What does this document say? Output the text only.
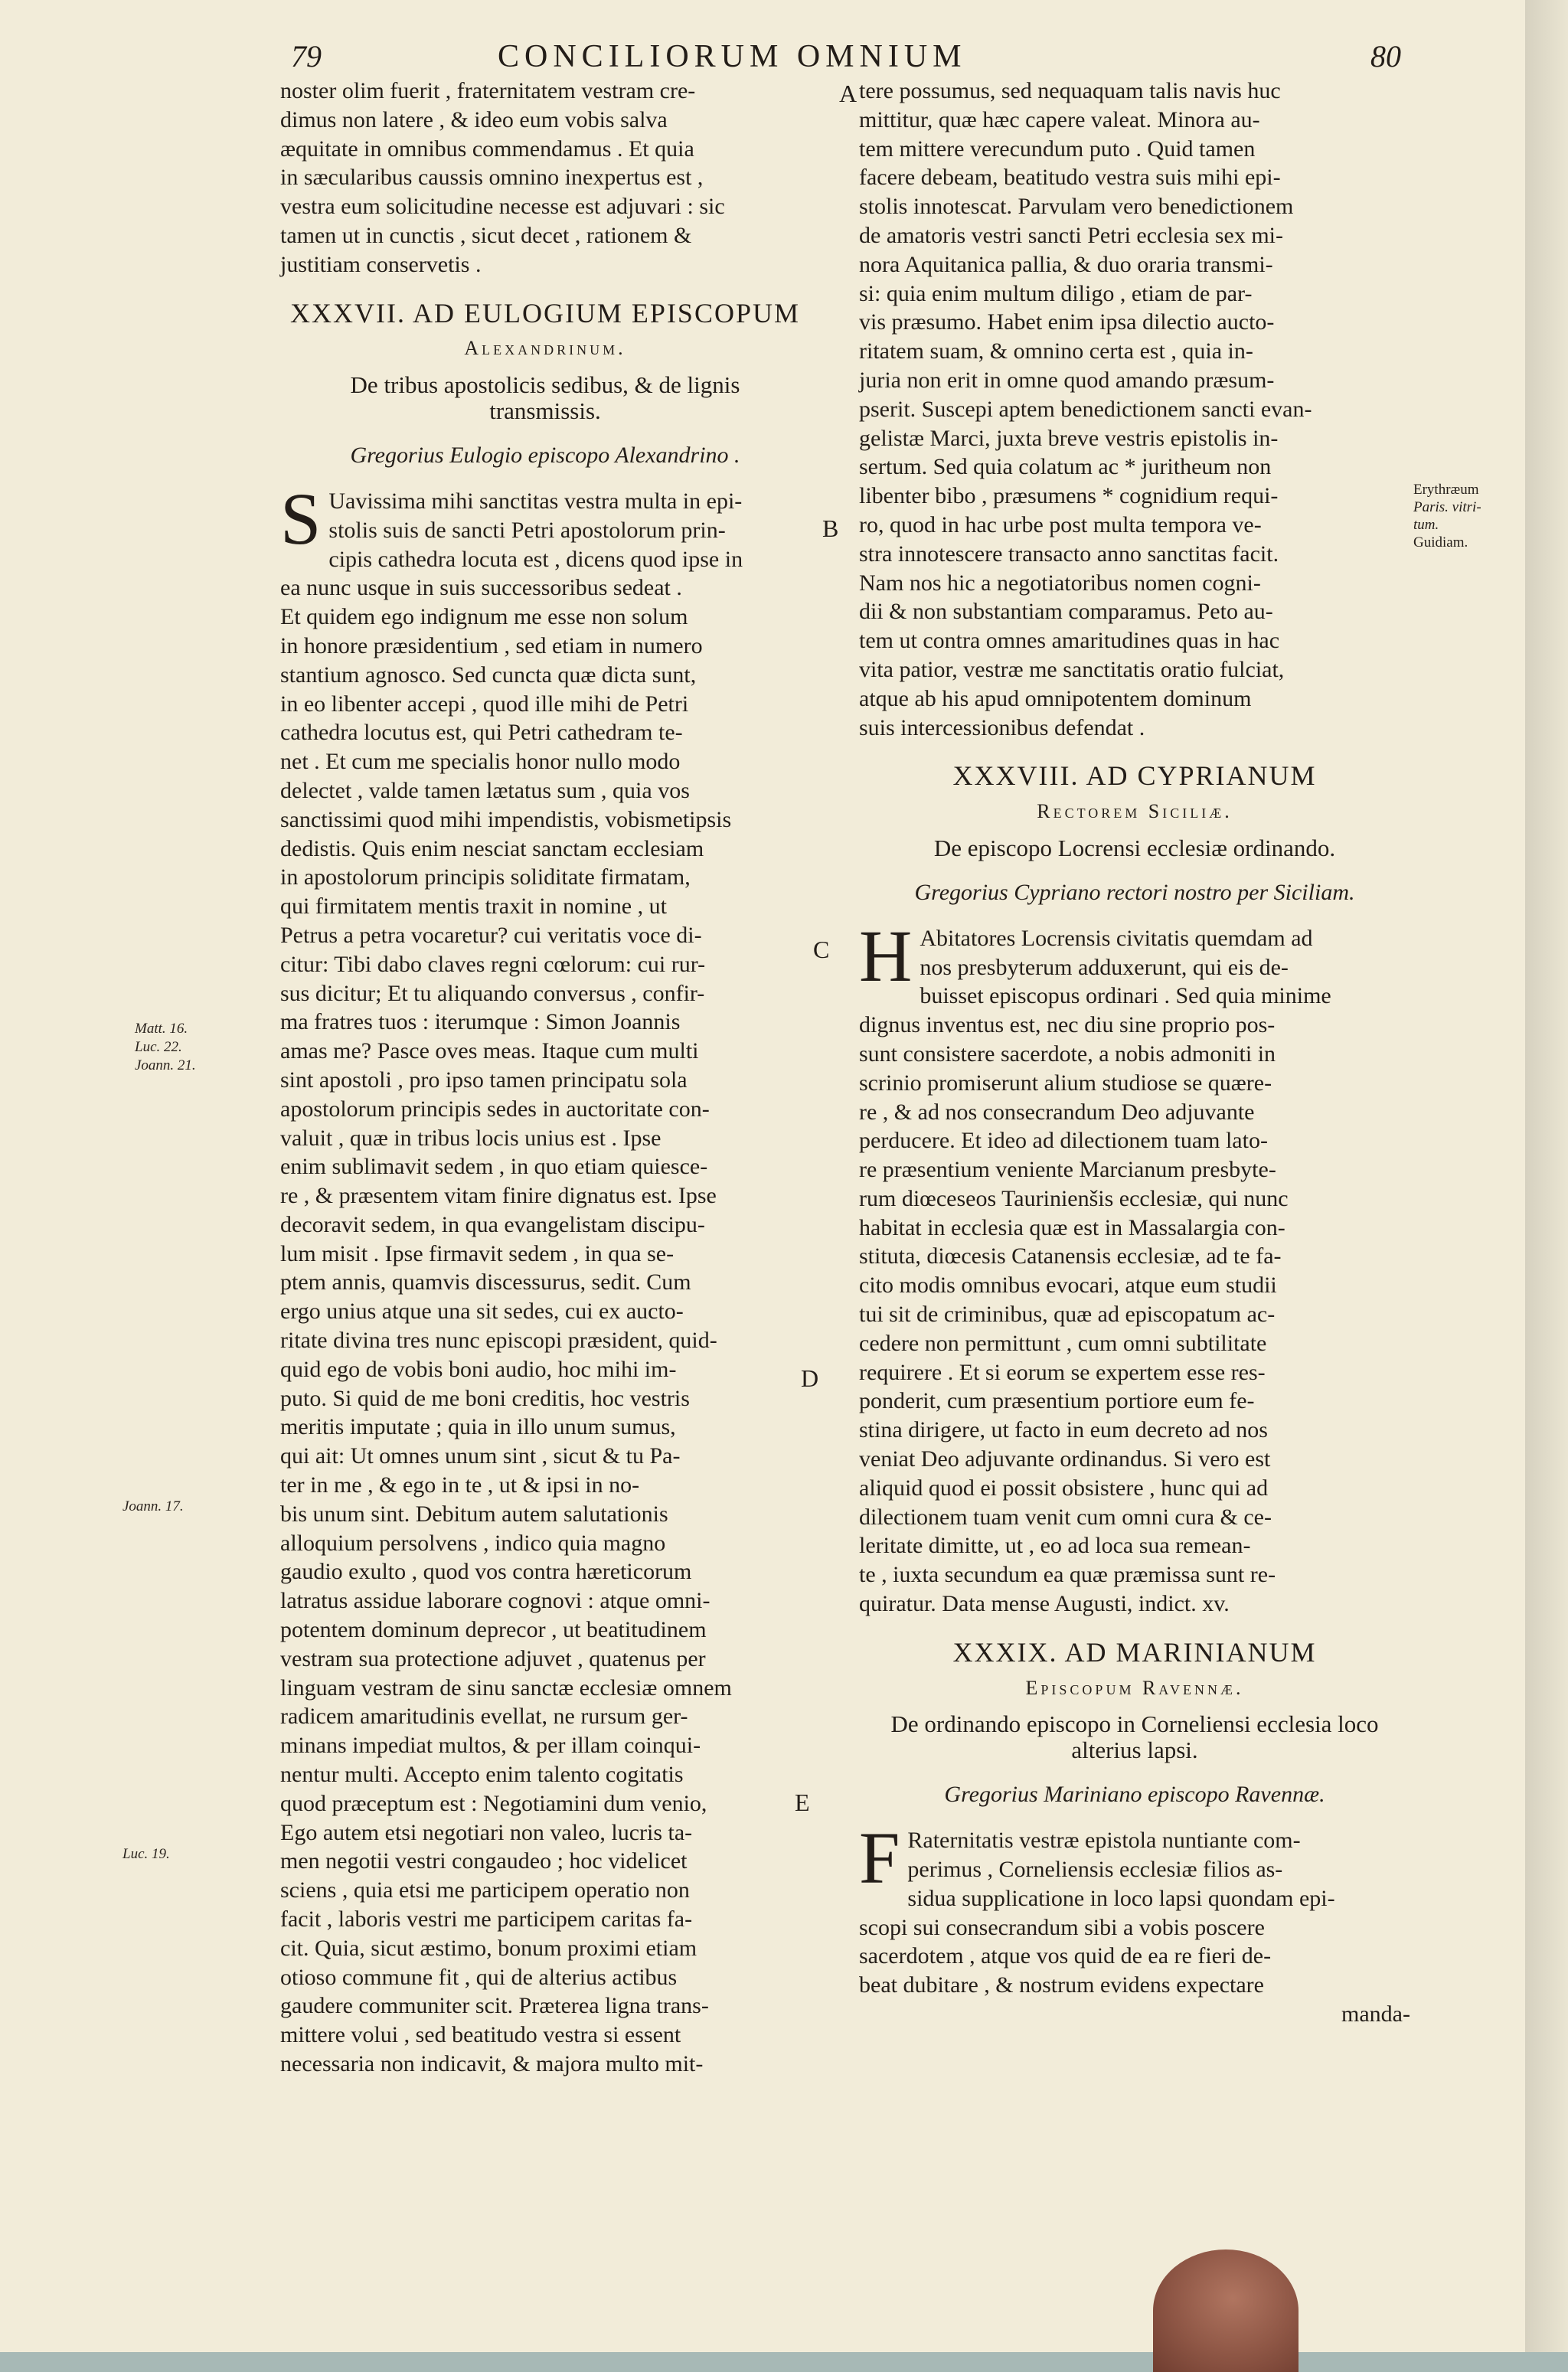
79	CONCILIORUM OMNIUM	80

noster olim fuerit , fraternitatem vestram cre-

dimus non latere , & ideo eum vobis salva

æquitate in omnibus commendamus . Et quia

in sæcularibus caussis omnino inexpertus est ,

vestra eum solicitudine necesse est adjuvari : sic

tamen ut in cunctis , sicut decet , rationem &

justitiam conservetis .

XXXVII. AD EULOGIUM EPISCOPUM
Alexandrinum.
De tribus apostolicis sedibus, & de lignis transmissis.
Gregorius Eulogio episcopo Alexandrino .
S Uavissima mihi sanctitas vestra multa in epi-

stolis suis de sancti Petri apostolorum prin-

cipis cathedra locuta est , dicens quod ipse in

ea nunc usque in suis successoribus sedeat .

Et quidem ego indignum me esse non solum

in honore præsidentium , sed etiam in numero

stantium agnosco. Sed cuncta quæ dicta sunt,

in eo libenter accepi , quod ille mihi de Petri

cathedra locutus est, qui Petri cathedram te-

net . Et cum me specialis honor nullo modo

delectet , valde tamen lætatus sum , quia vos

sanctissimi quod mihi impendistis, vobismetipsis

dedistis. Quis enim nesciat sanctam ecclesiam

in apostolorum principis soliditate firmatam,

qui firmitatem mentis traxit in nomine , ut

Petrus a petra vocaretur? cui veritatis voce di-

citur: Tibi dabo claves regni cœlorum: cui rur-

sus dicitur; Et tu aliquando conversus , confir-

ma fratres tuos : iterumque : Simon Joannis

amas me? Pasce oves meas. Itaque cum multi

sint apostoli , pro ipso tamen principatu sola

apostolorum principis sedes in auctoritate con-

valuit , quæ in tribus locis unius est . Ipse

enim sublimavit sedem , in quo etiam quiesce-

re , & præsentem vitam finire dignatus est. Ipse

decoravit sedem, in qua evangelistam discipu-

lum misit . Ipse firmavit sedem , in qua se-

ptem annis, quamvis discessurus, sedit. Cum

ergo unius atque una sit sedes, cui ex aucto-

ritate divina tres nunc episcopi præsident, quid-

quid ego de vobis boni audio, hoc mihi im-

puto. Si quid de me boni creditis, hoc vestris

meritis imputate ; quia in illo unum sumus,

qui ait: Ut omnes unum sint , sicut & tu Pa-

ter in me , & ego in te , ut & ipsi in no-

bis unum sint. Debitum autem salutationis

alloquium persolvens , indico quia magno

gaudio exulto , quod vos contra hæreticorum

latratus assidue laborare cognovi : atque omni-

potentem dominum deprecor , ut beatitudinem

vestram sua protectione adjuvet , quatenus per

linguam vestram de sinu sanctæ ecclesiæ omnem

radicem amaritudinis evellat, ne rursum ger-

minans impediat multos, & per illam coinqui-

nentur multi. Accepto enim talento cogitatis

quod præceptum est : Negotiamini dum venio,

Ego autem etsi negotiari non valeo, lucris ta-

men negotii vestri congaudeo ; hoc videlicet

sciens , quia etsi me participem operatio non

facit , laboris vestri me participem caritas fa-

cit. Quia, sicut æstimo, bonum proximi etiam

otioso commune fit , qui de alterius actibus

gaudere communiter scit. Præterea ligna trans-

mittere volui , sed beatitudo vestra si essent

necessaria non indicavit, & majora multo mit-

Matt. 16.
Luc. 22.
Joann. 21.
Joann. 17.
Luc. 19.
A
B
C
D
E

tere possumus, sed nequaquam talis navis huc

mittitur, quæ hæc capere valeat. Minora au-

tem mittere verecundum puto . Quid tamen

facere debeam, beatitudo vestra suis mihi epi-

stolis innotescat. Parvulam vero benedictionem

de amatoris vestri sancti Petri ecclesia sex mi-

nora Aquitanica pallia, & duo oraria transmi-

si: quia enim multum diligo , etiam de par-

vis præsumo. Habet enim ipsa dilectio aucto-

ritatem suam, & omnino certa est , quia in-

juria non erit in omne quod amando præsum-

pserit. Suscepi aptem benedictionem sancti evan-

gelistæ Marci, juxta breve vestris epistolis in-

sertum. Sed quia colatum ac * juritheum non

libenter bibo , præsumens * cognidium requi-

ro, quod in hac urbe post multa tempora ve-

stra innotescere transacto anno sanctitas facit.

Nam nos hic a negotiatoribus nomen cogni-

dii & non substantiam comparamus. Peto au-

tem ut contra omnes amaritudines quas in hac

vita patior, vestræ me sanctitatis oratio fulciat,

atque ab his apud omnipotentem dominum

suis intercessionibus defendat .

XXXVIII. AD CYPRIANUM
Rectorem Siciliæ.
De episcopo Locrensi ecclesiæ ordinando.
Gregorius Cypriano rectori nostro per Siciliam.
H Abitatores Locrensis civitatis quemdam ad

nos presbyterum adduxerunt, qui eis de-

buisset episcopus ordinari . Sed quia minime

dignus inventus est, nec diu sine proprio pos-

sunt consistere sacerdote, a nobis admoniti in

scrinio promiserunt alium studiose se quære-

re , & ad nos consecrandum Deo adjuvante

perducere. Et ideo ad dilectionem tuam lato-

re præsentium veniente Marcianum presbyte-

rum diœceseos Taurinienšis ecclesiæ, qui nunc

habitat in ecclesia quæ est in Massalargia con-

stituta, diœcesis Catanensis ecclesiæ, ad te fa-

cito modis omnibus evocari, atque eum studii

tui sit de criminibus, quæ ad episcopatum ac-

cedere non permittunt , cum omni subtilitate

requirere . Et si eorum se expertem esse res-

ponderit, cum præsentium portiore eum fe-

stina dirigere, ut facto in eum decreto ad nos

veniat Deo adjuvante ordinandus. Si vero est

aliquid quod ei possit obsistere , hunc qui ad

dilectionem tuam venit cum omni cura & ce-

leritate dimitte, ut , eo ad loca sua remean-

te , iuxta secundum ea quæ præmissa sunt re-

quiratur. Data mense Augusti, indict. xv.

XXXIX. AD MARINIANUM
Episcopum Ravennæ.
De ordinando episcopo in Corneliensi ecclesia loco alterius lapsi.
Gregorius Mariniano episcopo Ravennæ.
F Raternitatis vestræ epistola nuntiante com-

perimus , Corneliensis ecclesiæ filios as-

sidua supplicatione in loco lapsi quondam epi-

scopi sui consecrandum sibi a vobis poscere

sacerdotem , atque vos quid de ea re fieri de-

beat dubitare , & nostrum evidens expectare

manda-

Erythræum
Paris. vitri-
tum.
Guidiam.
